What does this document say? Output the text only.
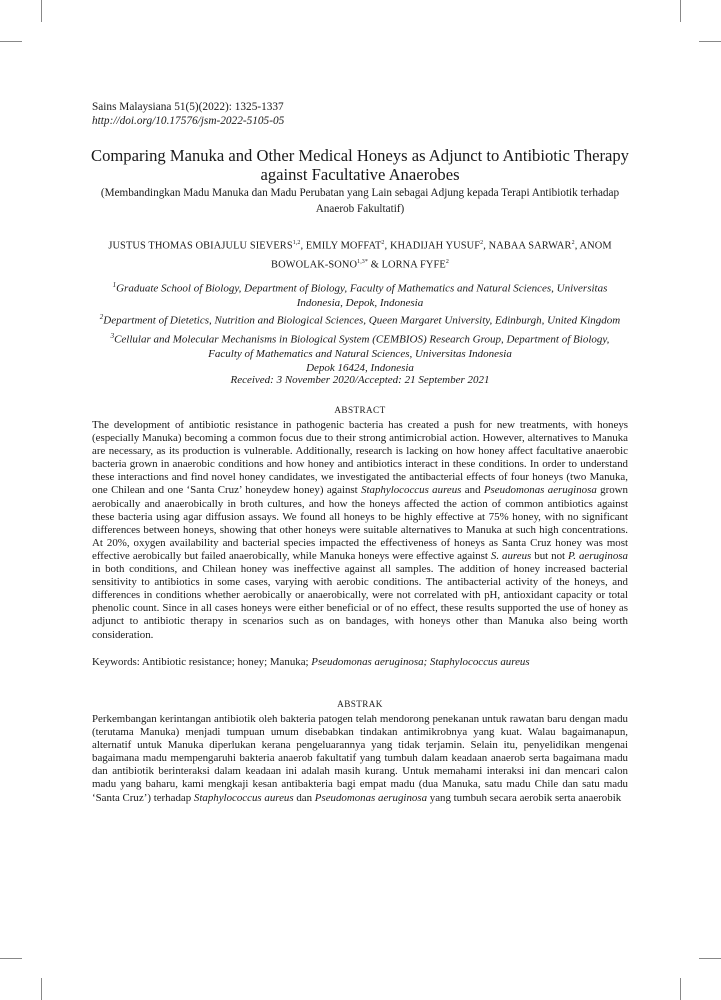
Sains Malaysiana 51(5)(2022): 1325-1337
http://doi.org/10.17576/jsm-2022-5105-05
Comparing Manuka and Other Medical Honeys as Adjunct to Antibiotic Therapy
against Facultative Anaerobes
(Membandingkan Madu Manuka dan Madu Perubatan yang Lain sebagai Adjung kepada Terapi Antibiotik terhadap
Anaerob Fakultatif)
JUSTUS THOMAS OBIAJULU SIEVERS$^{1,2}$, EMILY MOFFAT$^2$, KHADIJAH YUSUF$^2$, NABAA SARWAR$^2$, ANOM BOWOLAK-$SONO^{1,3*}$ & LORNA FYFE$^2$
$^1$Graduate School of Biology, Department of Biology, Faculty of Mathematics and Natural Sciences, Universitas
Indonesia, Depok, Indonesia
$^2$Department of Dietetics, Nutrition and Biological Sciences, Queen Margaret University, Edinburgh, United Kingdom
$^3$Cellular and Molecular Mechanisms in Biological System (CEMBIOS) Research Group, Department of Biology,
Faculty of Mathematics and Natural Sciences, Universitas Indonesia
Depok 16424, Indonesia
Received: 3 November 2020/Accepted: 21 September 2021
ABSTRACT
The development of antibiotic resistance in pathogenic bacteria has created a push for new treatments, with honeys (especially Manuka) becoming a common focus due to their strong antimicrobial action. However, alternatives to Manuka are necessary, as its production is vulnerable. Additionally, research is lacking on how honey affect facultative anaerobic bacteria grown in anaerobic conditions and how honey and antibiotics interact in these conditions. In order to understand these interactions and find novel honey candidates, we investigated the antibacterial effects of four honeys (two Manuka, one Chilean and one ‘Santa Cruz’ honeydew honey) against Staphylococcus aureus and Pseudomonas aeruginosa grown aerobically and anaerobically in broth cultures, and how the honeys affected the action of common antibiotics against these bacteria using agar diffusion assays. We found all honeys to be highly effective at 75% honey, with no significant differences between honeys, showing that other honeys were suitable alternatives to Manuka at such high concentrations. At 20%, oxygen availability and bacterial species impacted the effectiveness of honeys as Santa Cruz honey was most effective aerobically but failed anaerobically, while Manuka honeys were effective against S. aureus but not P. aeruginosa in both conditions, and Chilean honey was ineffective against all samples. The addition of honey increased bacterial sensitivity to antibiotics in some cases, varying with aerobic conditions. The antibacterial activity of the honeys, and differences in conditions whether aerobically or anaerobically, were not correlated with pH, antioxidant capacity or total phenolic count. Since in all cases honeys were either beneficial or of no effect, these results supported the use of honey as adjunct to antibiotic therapy in scenarios such as on bandages, with honeys other than Manuka also being worth consideration.
Keywords: Antibiotic resistance; honey; Manuka; Pseudomonas aeruginosa; Staphylococcus aureus
ABSTRAK
Perkembangan kerintangan antibiotik oleh bakteria patogen telah mendorong penekanan untuk rawatan baru dengan madu (terutama Manuka) menjadi tumpuan umum disebabkan tindakan antimikrobnya yang kuat. Walau bagaimanapun, alternatif untuk Manuka diperlukan kerana pengeluarannya yang tidak terjamin. Selain itu, penyelidikan mengenai bagaimana madu mempengaruhi bakteria anaerob fakultatif yang tumbuh dalam keadaan anaerob serta bagaimana madu dan antibiotik berinteraksi dalam keadaan ini adalah masih kurang. Untuk memahami interaksi ini dan mencari calon madu yang baharu, kami mengkaji kesan antibakteria bagi empat madu (dua Manuka, satu madu Chile dan satu madu ‘Santa Cruz’) terhadap Staphylococcus aureus dan Pseudomonas aeruginosa yang tumbuh secara aerobik serta anaerobik
